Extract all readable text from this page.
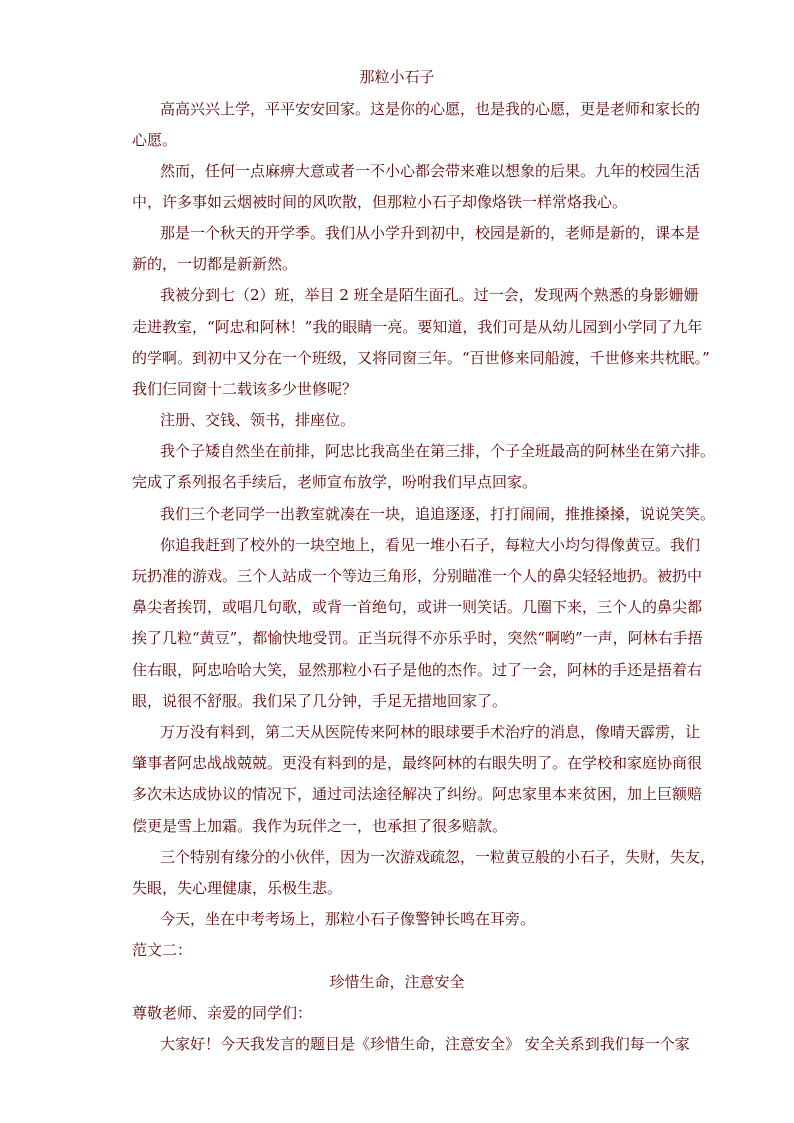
那粒小石子
高高兴兴上学，平平安安回家。这是你的心愿，也是我的心愿，更是老师和家长的
心愿。
然而，任何一点麻痹大意或者一不小心都会带来难以想象的后果。九年的校园生活
中，许多事如云烟被时间的风吹散，但那粒小石子却像烙铁一样常烙我心。
那是一个秋天的开学季。我们从小学升到初中，校园是新的，老师是新的，课本是
新的，一切都是新新然。
我被分到七（2）班，举目 2 班全是陌生面孔。过一会，发现两个熟悉的身影姗姗
走进教室，“阿忠和阿林！”我的眼睛一亮。要知道，我们可是从幼儿园到小学同了九年
的学啊。到初中又分在一个班级，又将同窗三年。“百世修来同船渡，千世修来共枕眠。”
我们仨同窗十二载该多少世修呢？
注册、交钱、领书，排座位。
我个子矮自然坐在前排，阿忠比我高坐在第三排，个子全班最高的阿林坐在第六排。
完成了系列报名手续后，老师宣布放学，吩咐我们早点回家。
我们三个老同学一出教室就凑在一块，追追逐逐，打打闹闹，推推搡搡，说说笑笑。
你追我赶到了校外的一块空地上，看见一堆小石子，每粒大小均匀得像黄豆。我们
玩扔准的游戏。三个人站成一个等边三角形，分别瞄准一个人的鼻尖轻轻地扔。被扔中
鼻尖者挨罚，或唱几句歌，或背一首绝句，或讲一则笑话。几圈下来，三个人的鼻尖都
挨了几粒“黄豆”，都愉快地受罚。正当玩得不亦乐乎时，突然“啊哟”一声，阿林右手捂
住右眼，阿忠哈哈大笑，显然那粒小石子是他的杰作。过了一会，阿林的手还是捂着右
眼，说很不舒服。我们呆了几分钟，手足无措地回家了。
万万没有料到，第二天从医院传来阿林的眼球要手术治疗的消息，像晴天霹雳，让
肇事者阿忠战战兢兢。更没有料到的是，最终阿林的右眼失明了。在学校和家庭协商很
多次未达成协议的情况下，通过司法途径解决了纠纷。阿忠家里本来贫困，加上巨额赔
偿更是雪上加霜。我作为玩伴之一，也承担了很多赔款。
三个特别有缘分的小伙伴，因为一次游戏疏忽，一粒黄豆般的小石子，失财，失友，
失眼，失心理健康，乐极生悲。
今天，坐在中考考场上，那粒小石子像警钟长鸣在耳旁。
范文二：
珍惜生命，注意安全
尊敬老师、亲爱的同学们：
大家好！今天我发言的题目是《珍惜生命，注意安全》 安全关系到我们每一个家
